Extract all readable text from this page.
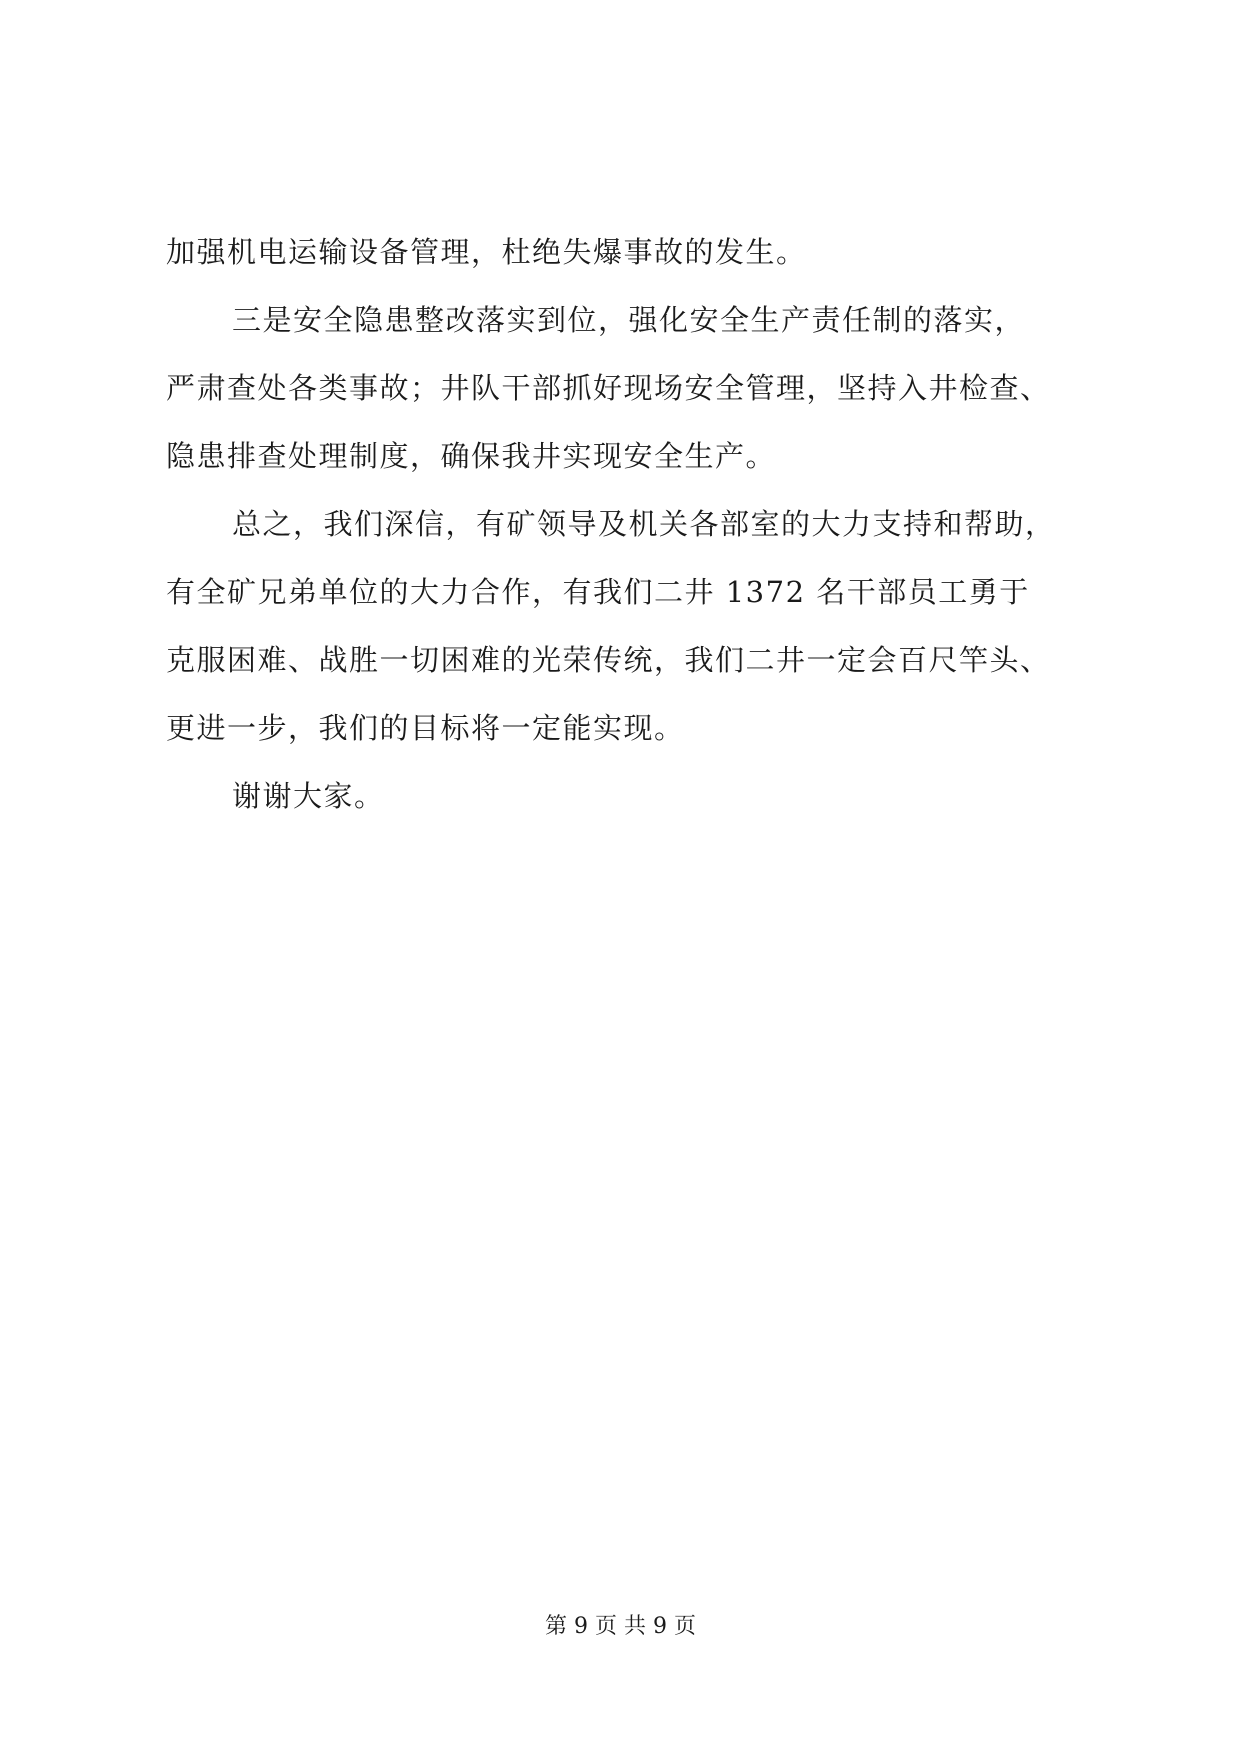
加强机电运输设备管理，杜绝失爆事故的发生。
三是安全隐患整改落实到位，强化安全生产责任制的落实，
严肃查处各类事故；井队干部抓好现场安全管理，坚持入井检查、
隐患排查处理制度，确保我井实现安全生产。
总之，我们深信，有矿领导及机关各部室的大力支持和帮助，
有全矿兄弟单位的大力合作，有我们二井 1372 名干部员工勇于
克服困难、战胜一切困难的光荣传统，我们二井一定会百尺竿头、
更进一步，我们的目标将一定能实现。
谢谢大家。
第 9 页 共 9 页
